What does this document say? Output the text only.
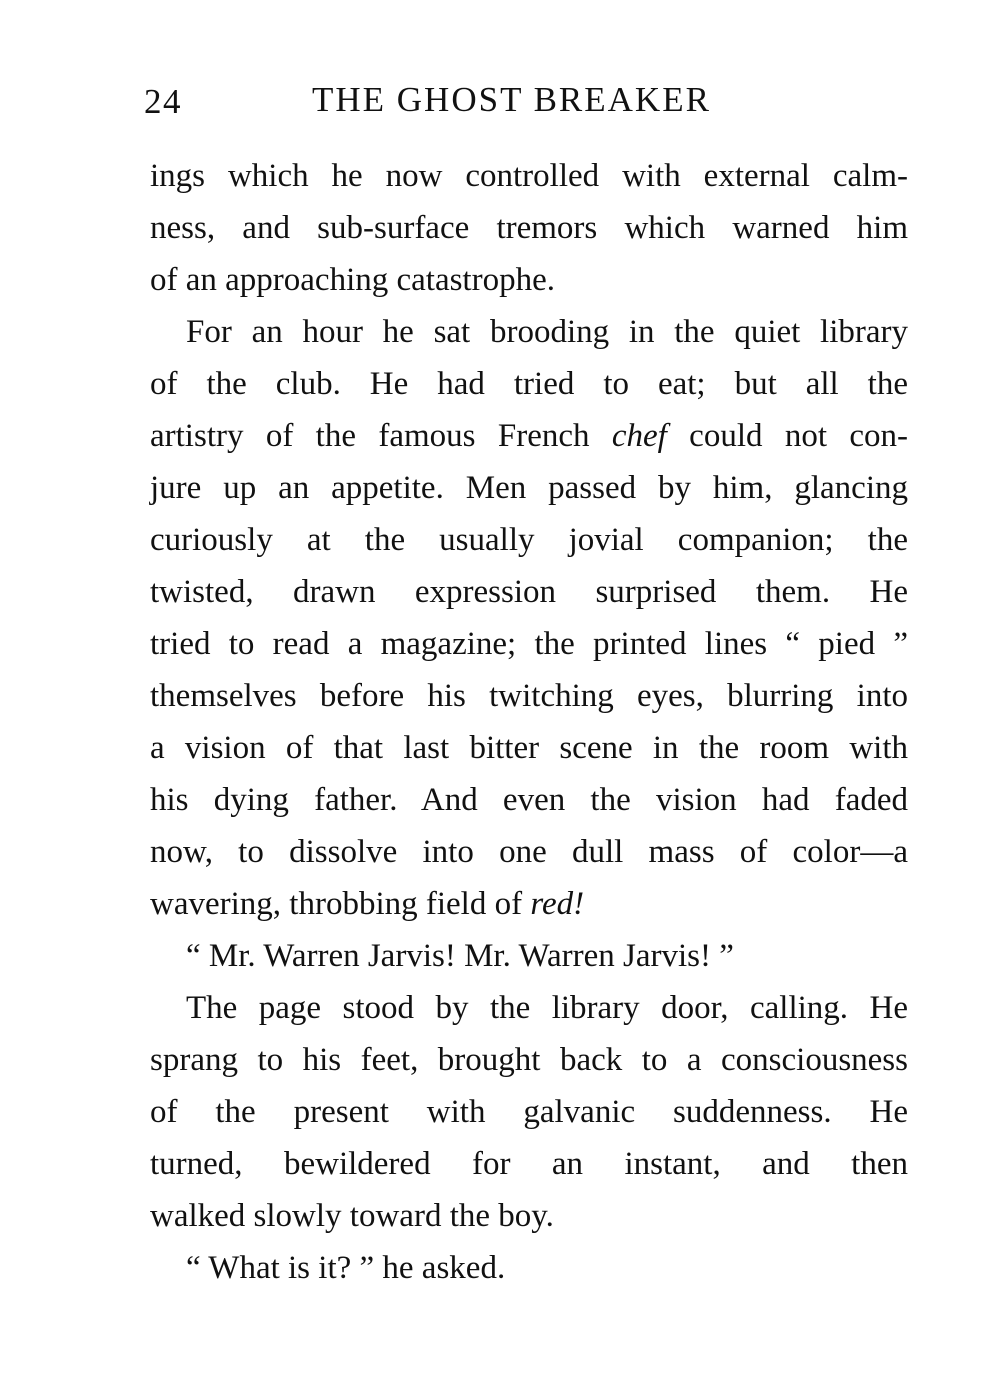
24	THE GHOST BREAKER
ings which he now controlled with external calm-
ness, and sub-surface tremors which warned him
of an approaching catastrophe.
For an hour he sat brooding in the quiet library
of the club. He had tried to eat; but all the
artistry of the famous French chef could not con-
jure up an appetite. Men passed by him, glancing
curiously at the usually jovial companion; the
twisted, drawn expression surprised them. He
tried to read a magazine; the printed lines “ pied ”
themselves before his twitching eyes, blurring into
a vision of that last bitter scene in the room with
his dying father. And even the vision had faded
now, to dissolve into one dull mass of color—a
wavering, throbbing field of red!
“ Mr. Warren Jarvis! Mr. Warren Jarvis! ”
The page stood by the library door, calling. He
sprang to his feet, brought back to a consciousness
of the present with galvanic suddenness. He
turned, bewildered for an instant, and then
walked slowly toward the boy.
“ What is it? ” he asked.
